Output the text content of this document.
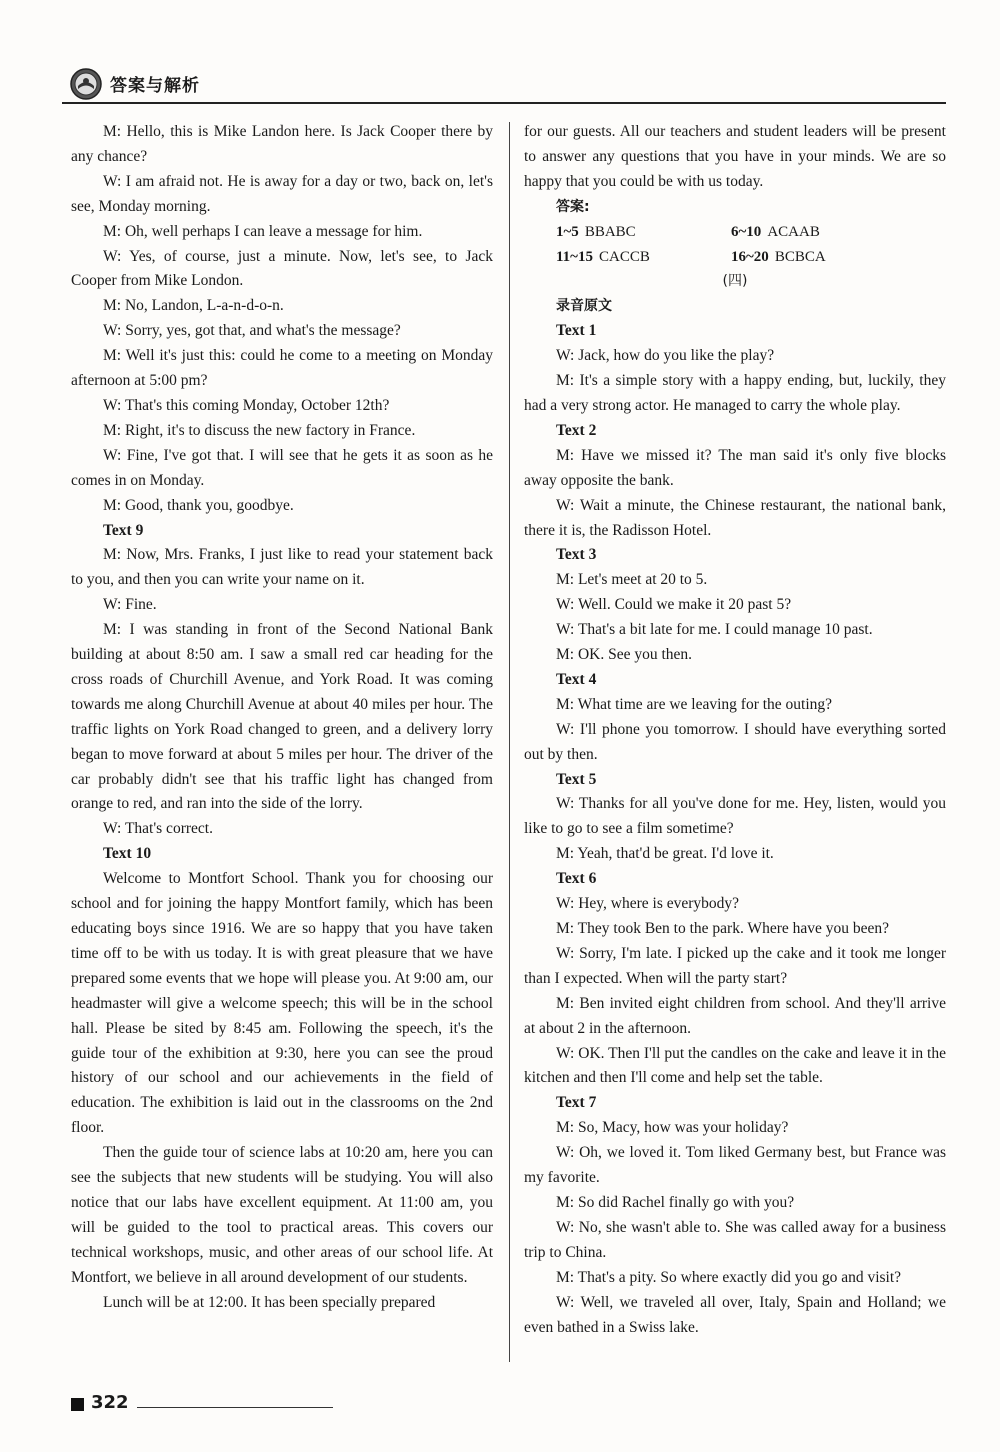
答案与解析

M: Hello, this is Mike Landon here. Is Jack Cooper there by any chance?

W: I am afraid not. He is away for a day or two, back on, let's see, Monday morning.

M: Oh, well perhaps I can leave a message for him.

W: Yes, of course, just a minute. Now, let's see, to Jack Cooper from Mike London.

M: No, Landon, L-a-n-d-o-n.

W: Sorry, yes, got that, and what's the message?

M: Well it's just this: could he come to a meeting on Monday afternoon at 5:00 pm?

W: That's this coming Monday, October 12th?

M: Right, it's to discuss the new factory in France.

W: Fine, I've got that. I will see that he gets it as soon as he comes in on Monday.

M: Good, thank you, goodbye.

Text 9

M: Now, Mrs. Franks, I just like to read your statement back to you, and then you can write your name on it.

W: Fine.

M: I was standing in front of the Second National Bank building at about 8:50 am. I saw a small red car heading for the cross roads of Churchill Avenue, and York Road. It was coming towards me along Churchill Avenue at about 40 miles per hour. The traffic lights on York Road changed to green, and a delivery lorry began to move forward at about 5 miles per hour. The driver of the car probably didn't see that his traffic light has changed from orange to red, and ran into the side of the lorry.

W: That's correct.

Text 10

Welcome to Montfort School. Thank you for choosing our school and for joining the happy Montfort family, which has been educating boys since 1916. We are so happy that you have taken time off to be with us today. It is with great pleasure that we have prepared some events that we hope will please you. At 9:00 am, our headmaster will give a welcome speech; this will be in the school hall. Please be sited by 8:45 am. Following the speech, it's the guide tour of the exhibition at 9:30, here you can see the proud history of our school and our achievements in the field of education. The exhibition is laid out in the classrooms on the 2nd floor.

Then the guide tour of science labs at 10:20 am, here you can see the subjects that new students will be studying. You will also notice that our labs have excellent equipment. At 11:00 am, you will be guided to the tool to practical areas. This covers our technical workshops, music, and other areas of our school life. At Montfort, we believe in all around development of our students.

Lunch will be at 12:00. It has been specially prepared

for our guests. All our teachers and student leaders will be present to answer any questions that you have in your minds. We are so happy that you could be with us today.

答案:

1~5 BBABC	6~10 ACAAB
11~15 CACCB	16~20 BCBCA

(四)

录音原文

Text 1

W: Jack, how do you like the play?

M: It's a simple story with a happy ending, but, luckily, they had a very strong actor. He managed to carry the whole play.

Text 2

M: Have we missed it? The man said it's only five blocks away opposite the bank.

W: Wait a minute, the Chinese restaurant, the national bank, there it is, the Radisson Hotel.

Text 3

M: Let's meet at 20 to 5.

W: Well. Could we make it 20 past 5?

W: That's a bit late for me. I could manage 10 past.

M: OK. See you then.

Text 4

M: What time are we leaving for the outing?

W: I'll phone you tomorrow. I should have everything sorted out by then.

Text 5

W: Thanks for all you've done for me. Hey, listen, would you like to go to see a film sometime?

M: Yeah, that'd be great. I'd love it.

Text 6

W: Hey, where is everybody?

M: They took Ben to the park. Where have you been?

W: Sorry, I'm late. I picked up the cake and it took me longer than I expected. When will the party start?

M: Ben invited eight children from school. And they'll arrive at about 2 in the afternoon.

W: OK. Then I'll put the candles on the cake and leave it in the kitchen and then I'll come and help set the table.

Text 7

M: So, Macy, how was your holiday?

W: Oh, we loved it. Tom liked Germany best, but France was my favorite.

M: So did Rachel finally go with you?

W: No, she wasn't able to. She was called away for a business trip to China.

M: That's a pity. So where exactly did you go and visit?

W: Well, we traveled all over, Italy, Spain and Holland; we even bathed in a Swiss lake.

322
